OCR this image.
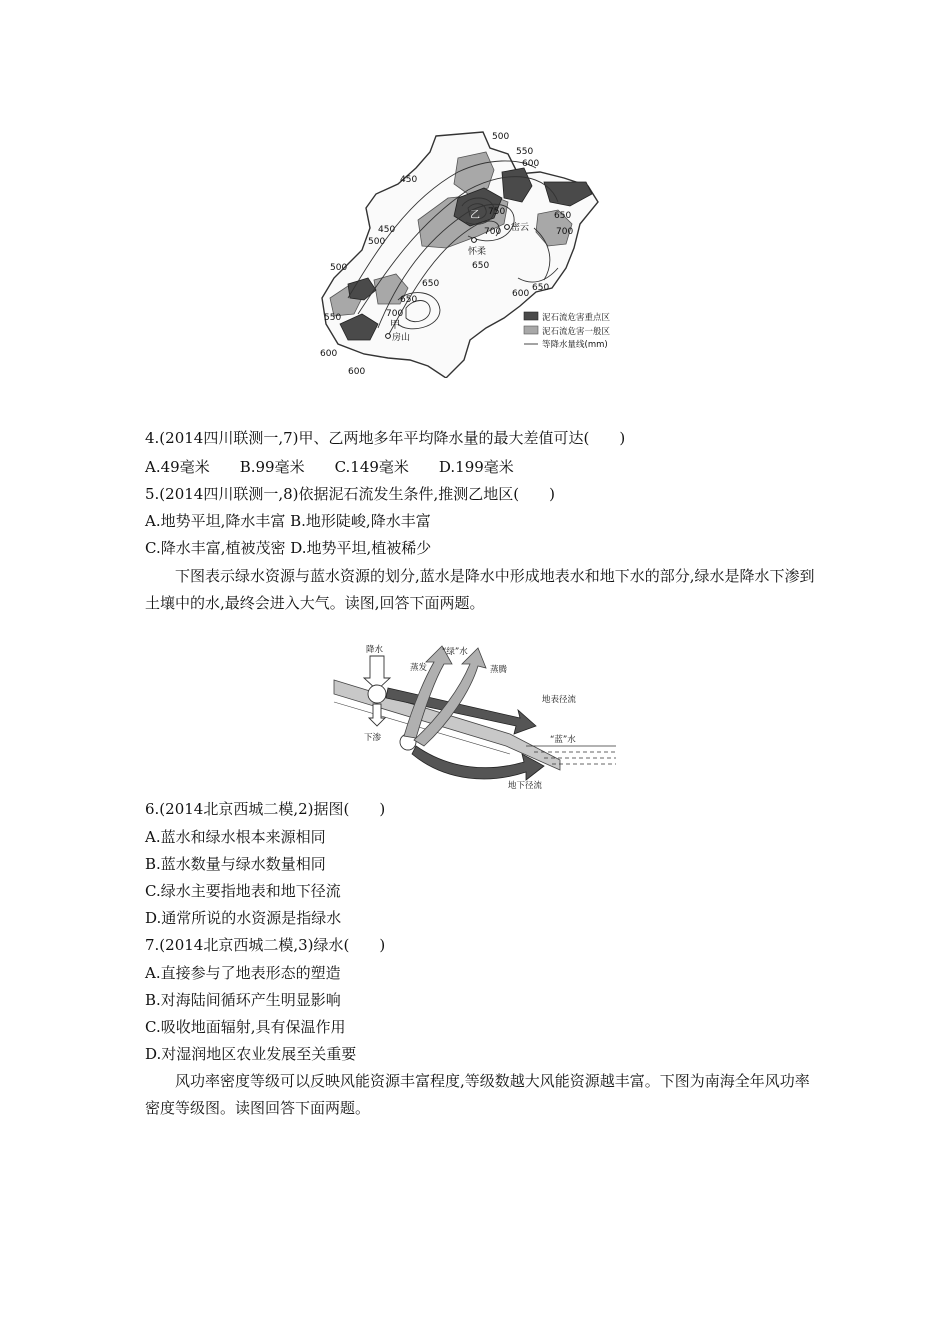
500
550
600
450
450
500
750
700
650
650
700
500
650
600
650
550	700
650
600
600
乙
甲
密云
怀柔
房山
泥石流危害重点区
泥石流危害一般区
等降水量线(mm)
4.(2014四川联测一,7)甲、乙两地多年平均降水量的最大差值可达(　　)
A.49毫米　　B.99毫米　　C.149毫米　　D.199毫米
5.(2014四川联测一,8)依据泥石流发生条件,推测乙地区(　　)
A.地势平坦,降水丰富 B.地形陡峻,降水丰富
C.降水丰富,植被茂密 D.地势平坦,植被稀少
下图表示绿水资源与蓝水资源的划分,蓝水是降水中形成地表水和地下水的部分,绿水是降水下渗到土壤中的水,最终会进入大气。读图,回答下面两题。
降水	“绿”水
蒸发	蒸腾
地表径流
下渗	“蓝”水
地下径流
6.(2014北京西城二模,2)据图(　　)
A.蓝水和绿水根本来源相同
B.蓝水数量与绿水数量相同
C.绿水主要指地表和地下径流
D.通常所说的水资源是指绿水
7.(2014北京西城二模,3)绿水(　　)
A.直接参与了地表形态的塑造
B.对海陆间循环产生明显影响
C.吸收地面辐射,具有保温作用
D.对湿润地区农业发展至关重要
风功率密度等级可以反映风能资源丰富程度,等级数越大风能资源越丰富。下图为南海全年风功率密度等级图。读图回答下面两题。
